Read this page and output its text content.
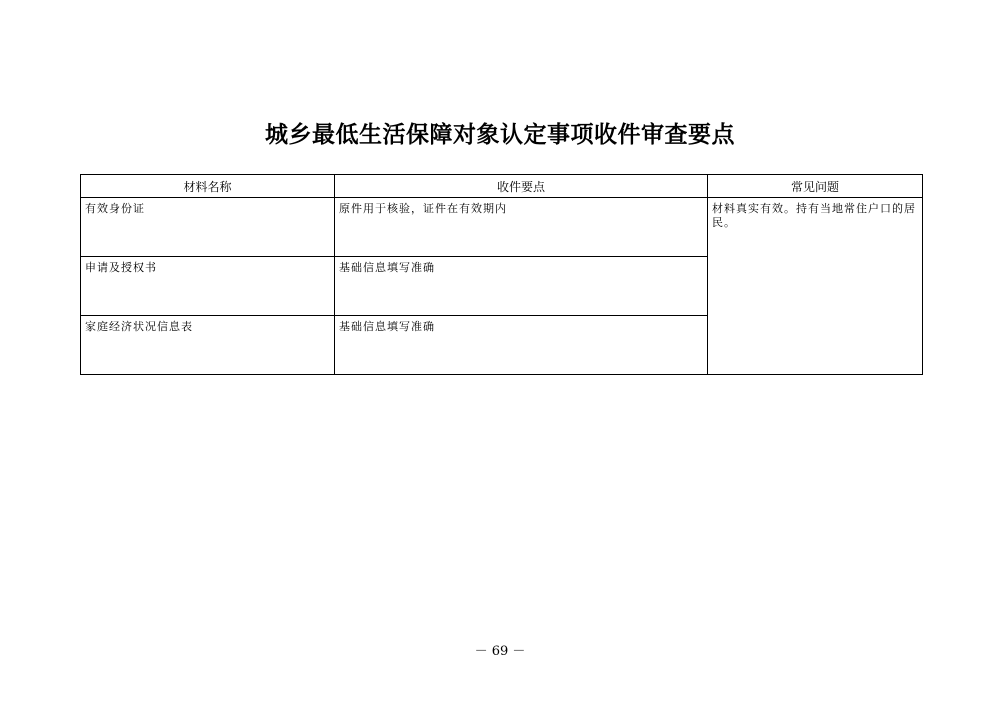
城乡最低生活保障对象认定事项收件审查要点
材料名称	收件要点	常见问题

有效身份证	原件用于核验，证件在有效期内	材料真实有效。持有当地常住户口的居民。

申请及授权书	基础信息填写准确	

家庭经济状况信息表	基础信息填写准确	
－ 69 －
